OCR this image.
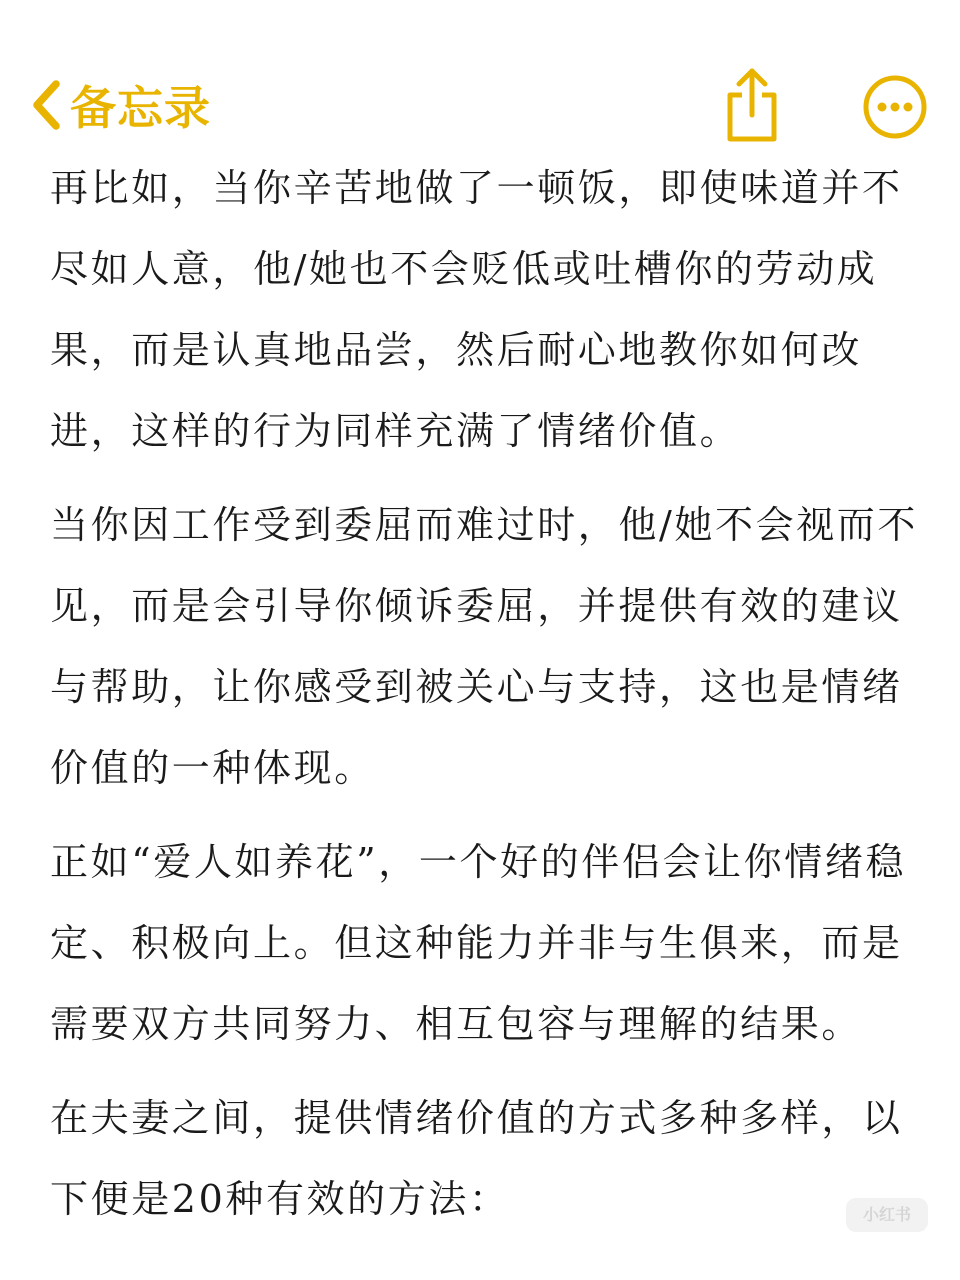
备忘录

再比如，当你辛苦地做了一顿饭，即使味道并不尽如人意，他/她也不会贬低或吐槽你的劳动成果，而是认真地品尝，然后耐心地教你如何改进，这样的行为同样充满了情绪价值。

当你因工作受到委屈而难过时，他/她不会视而不见，而是会引导你倾诉委屈，并提供有效的建议与帮助，让你感受到被关心与支持，这也是情绪价值的一种体现。

正如“爱人如养花”，一个好的伴侣会让你情绪稳定、积极向上。但这种能力并非与生俱来，而是需要双方共同努力、相互包容与理解的结果。

在夫妻之间，提供情绪价值的方式多种多样，以下便是20种有效的方法：	小红书
